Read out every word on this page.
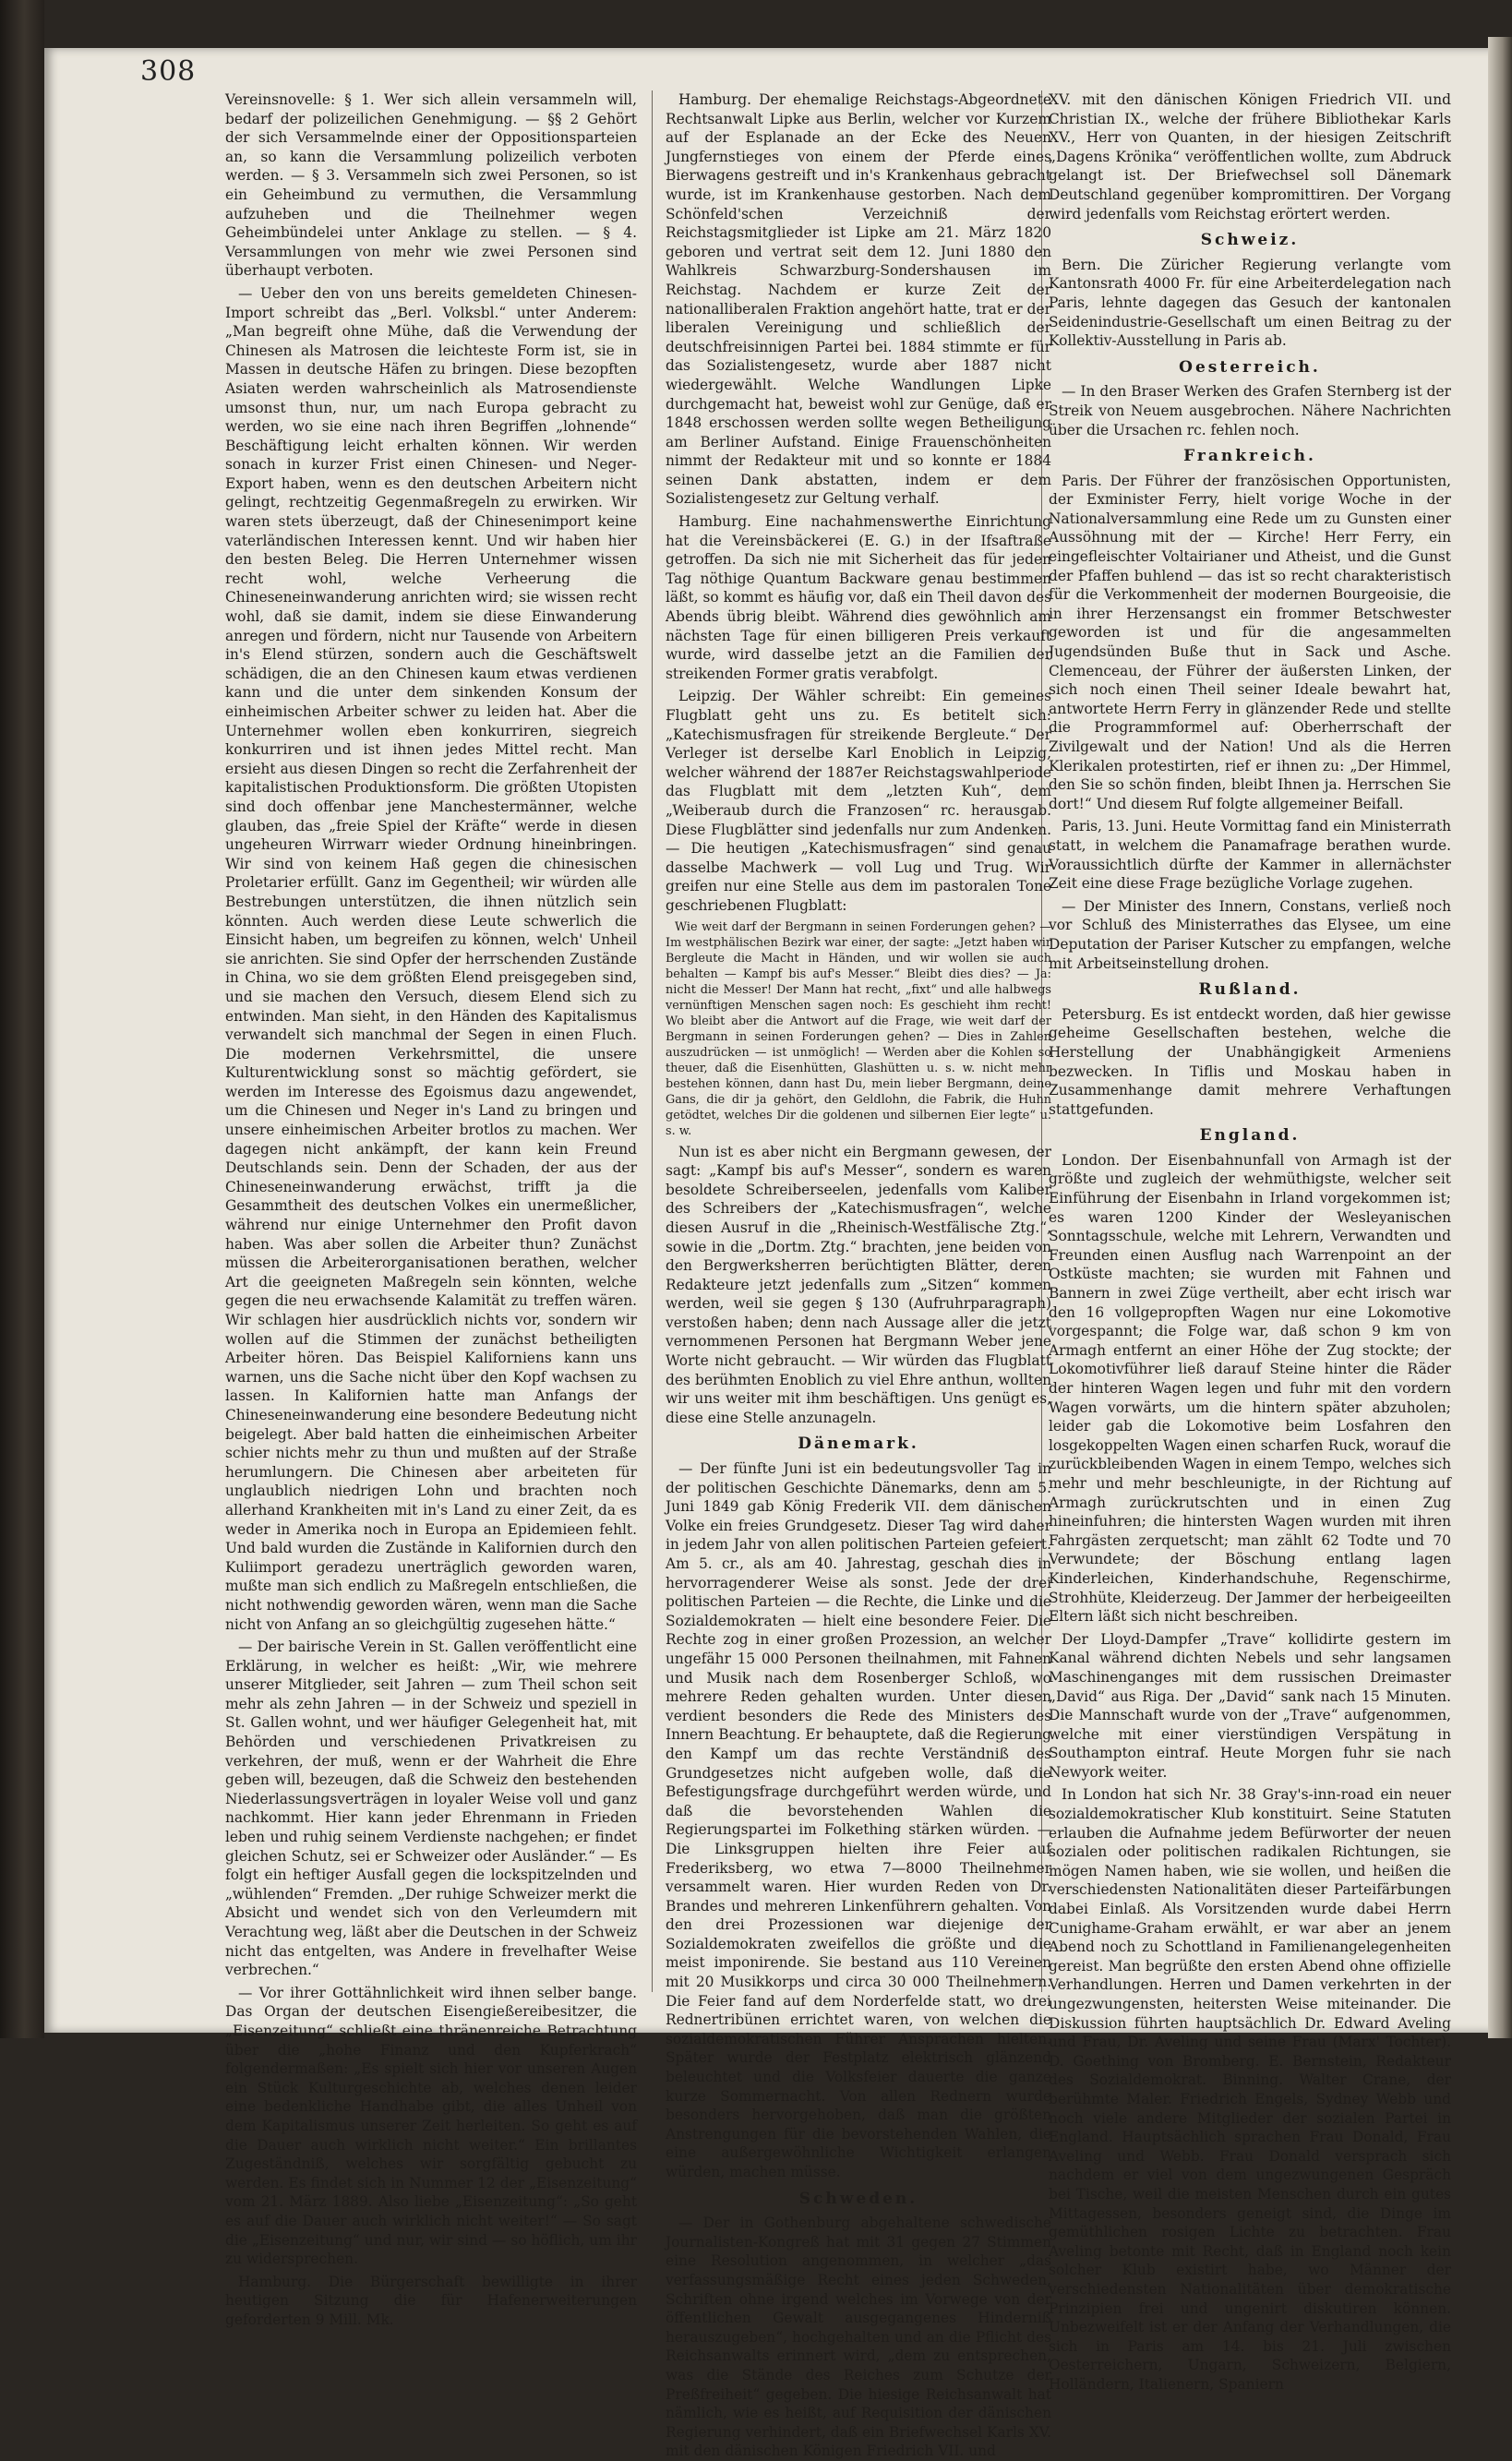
308

Vereinsnovelle: § 1. Wer sich allein versammeln will, bedarf der polizeilichen Genehmigung. — §§ 2 Gehört der sich Versammelnde einer der Oppositionsparteien an, so kann die Versammlung polizeilich verboten werden. — § 3. Versammeln sich zwei Personen, so ist ein Geheimbund zu vermuthen, die Versammlung aufzuheben und die Theilnehmer wegen Geheimbündelei unter Anklage zu stellen. — § 4. Versammlungen von mehr wie zwei Personen sind überhaupt verboten.

— Ueber den von uns bereits gemeldeten Chinesen-Import schreibt das „Berl. Volksbl.“ unter Anderem: „Man begreift ohne Mühe, daß die Verwendung der Chinesen als Matrosen die leichteste Form ist, sie in Massen in deutsche Häfen zu bringen. Diese bezopften Asiaten werden wahrscheinlich als Matrosendienste umsonst thun, nur, um nach Europa gebracht zu werden, wo sie eine nach ihren Begriffen „lohnende“ Beschäftigung leicht erhalten können. Wir werden sonach in kurzer Frist einen Chinesen- und Neger-Export haben, wenn es den deutschen Arbeitern nicht gelingt, rechtzeitig Gegenmaßregeln zu erwirken. Wir waren stets überzeugt, daß der Chinesenimport keine vaterländischen Interessen kennt. Und wir haben hier den besten Beleg. Die Herren Unternehmer wissen recht wohl, welche Verheerung die Chineseneinwanderung anrichten wird; sie wissen recht wohl, daß sie damit, indem sie diese Einwanderung anregen und fördern, nicht nur Tausende von Arbeitern in's Elend stürzen, sondern auch die Geschäftswelt schädigen, die an den Chinesen kaum etwas verdienen kann und die unter dem sinkenden Konsum der einheimischen Arbeiter schwer zu leiden hat. Aber die Unternehmer wollen eben konkurriren, siegreich konkurriren und ist ihnen jedes Mittel recht. Man ersieht aus diesen Dingen so recht die Zerfahrenheit der kapitalistischen Produktionsform. Die größten Utopisten sind doch offenbar jene Manchestermänner, welche glauben, das „freie Spiel der Kräfte“ werde in diesen ungeheuren Wirrwarr wieder Ordnung hineinbringen. Wir sind von keinem Haß gegen die chinesischen Proletarier erfüllt. Ganz im Gegentheil; wir würden alle Bestrebungen unterstützen, die ihnen nützlich sein könnten. Auch werden diese Leute schwerlich die Einsicht haben, um begreifen zu können, welch' Unheil sie anrichten. Sie sind Opfer der herrschenden Zustände in China, wo sie dem größten Elend preisgegeben sind, und sie machen den Versuch, diesem Elend sich zu entwinden. Man sieht, in den Händen des Kapitalismus verwandelt sich manchmal der Segen in einen Fluch. Die modernen Verkehrsmittel, die unsere Kulturentwicklung sonst so mächtig gefördert, sie werden im Interesse des Egoismus dazu angewendet, um die Chinesen und Neger in's Land zu bringen und unsere einheimischen Arbeiter brotlos zu machen. Wer dagegen nicht ankämpft, der kann kein Freund Deutschlands sein. Denn der Schaden, der aus der Chineseneinwanderung erwächst, trifft ja die Gesammtheit des deutschen Volkes ein unermeßlicher, während nur einige Unternehmer den Profit davon haben. Was aber sollen die Arbeiter thun? Zunächst müssen die Arbeiterorganisationen berathen, welcher Art die geeigneten Maßregeln sein könnten, welche gegen die neu erwachsende Kalamität zu treffen wären. Wir schlagen hier ausdrücklich nichts vor, sondern wir wollen auf die Stimmen der zunächst betheiligten Arbeiter hören. Das Beispiel Kaliforniens kann uns warnen, uns die Sache nicht über den Kopf wachsen zu lassen. In Kalifornien hatte man Anfangs der Chineseneinwanderung eine besondere Bedeutung nicht beigelegt. Aber bald hatten die einheimischen Arbeiter schier nichts mehr zu thun und mußten auf der Straße herumlungern. Die Chinesen aber arbeiteten für unglaublich niedrigen Lohn und brachten noch allerhand Krankheiten mit in's Land zu einer Zeit, da es weder in Amerika noch in Europa an Epidemieen fehlt. Und bald wurden die Zustände in Kalifornien durch den Kuliimport geradezu unerträglich geworden waren, mußte man sich endlich zu Maßregeln entschließen, die nicht nothwendig geworden wären, wenn man die Sache nicht von Anfang an so gleichgültig zugesehen hätte.“

— Der bairische Verein in St. Gallen veröffentlicht eine Erklärung, in welcher es heißt: „Wir, wie mehrere unserer Mitglieder, seit Jahren — zum Theil schon seit mehr als zehn Jahren — in der Schweiz und speziell in St. Gallen wohnt, und wer häufiger Gelegenheit hat, mit Behörden und verschiedenen Privatkreisen zu verkehren, der muß, wenn er der Wahrheit die Ehre geben will, bezeugen, daß die Schweiz den bestehenden Niederlassungsverträgen in loyaler Weise voll und ganz nachkommt. Hier kann jeder Ehrenmann in Frieden leben und ruhig seinem Verdienste nachgehen; er findet gleichen Schutz, sei er Schweizer oder Ausländer.“ — Es folgt ein heftiger Ausfall gegen die lockspitzelnden und „wühlenden“ Fremden. „Der ruhige Schweizer merkt die Absicht und wendet sich von den Verleumdern mit Verachtung weg, läßt aber die Deutschen in der Schweiz nicht das entgelten, was Andere in frevelhafter Weise verbrechen.“

— Vor ihrer Gottähnlichkeit wird ihnen selber bange. Das Organ der deutschen Eisengießereibesitzer, die „Eisenzeitung“ schließt eine thränenreiche Betrachtung über die „hohe Finanz und den Kupferkrach“ folgendermaßen: „Es spielt sich hier vor unseren Augen ein Stück Kulturgeschichte ab, welches denen leider eine bedenkliche Handhabe gibt, die alles Unheil von dem Kapitalismus unserer Zeit herleiten. So geht es auf die Dauer auch wirklich nicht weiter.“ Ein brillantes Zugeständniß, welches wir sorgfältig gebucht zu werden. Es findet sich in Nummer 12 der „Eisenzeitung“ vom 21. März 1889. Also liebe „Eisenzeitung“: „So geht es auf die Dauer auch wirklich nicht weiter!“ — So sagt die „Eisenzeitung“ und nur, wir sind — so höflich, um ihr zu widersprechen.

Hamburg. Die Bürgerschaft bewilligte in ihrer heutigen Sitzung die für Hafenerweiterungen geforderten 9 Mill. Mk.

Hamburg. Der ehemalige Reichstags-Abgeordnete Rechtsanwalt Lipke aus Berlin, welcher vor Kurzem auf der Esplanade an der Ecke des Neuen Jungfernstieges von einem der Pferde eines Bierwagens gestreift und in's Krankenhaus gebracht wurde, ist im Krankenhause gestorben. Nach dem Schönfeld'schen Verzeichniß der Reichstagsmitglieder ist Lipke am 21. März 1820 geboren und vertrat seit dem 12. Juni 1880 den Wahlkreis Schwarzburg-Sondershausen im Reichstag. Nachdem er kurze Zeit der nationalliberalen Fraktion angehört hatte, trat er der liberalen Vereinigung und schließlich der deutschfreisinnigen Partei bei. 1884 stimmte er für das Sozialistengesetz, wurde aber 1887 nicht wiedergewählt. Welche Wandlungen Lipke durchgemacht hat, beweist wohl zur Genüge, daß er 1848 erschossen werden sollte wegen Betheiligung am Berliner Aufstand. Einige Frauenschönheiten nimmt der Redakteur mit und so konnte er 1884 seinen Dank abstatten, indem er dem Sozialistengesetz zur Geltung verhalf.

Hamburg. Eine nachahmenswerthe Einrichtung hat die Vereinsbäckerei (E. G.) in der Ifsaftraße getroffen. Da sich nie mit Sicherheit das für jeden Tag nöthige Quantum Backware genau bestimmen läßt, so kommt es häufig vor, daß ein Theil davon des Abends übrig bleibt. Während dies gewöhnlich am nächsten Tage für einen billigeren Preis verkauft wurde, wird dasselbe jetzt an die Familien der streikenden Former gratis verabfolgt.

Leipzig. Der Wähler schreibt: Ein gemeines Flugblatt geht uns zu. Es betitelt sich: „Katechismusfragen für streikende Bergleute.“ Der Verleger ist derselbe Karl Enoblich in Leipzig, welcher während der 1887er Reichstagswahlperiode das Flugblatt mit dem „letzten Kuh“, dem „Weiberaub durch die Franzosen“ rc. herausgab. Diese Flugblätter sind jedenfalls nur zum Andenken. — Die heutigen „Katechismusfragen“ sind genau dasselbe Machwerk — voll Lug und Trug. Wir greifen nur eine Stelle aus dem im pastoralen Tone geschriebenen Flugblatt:

Wie weit darf der Bergmann in seinen Forderungen gehen? — Im westphälischen Bezirk war einer, der sagte: „Jetzt haben wir Bergleute die Macht in Händen, und wir wollen sie auch behalten — Kampf bis auf's Messer.“ Bleibt dies dies? — Ja: nicht die Messer! Der Mann hat recht, „fixt“ und alle halbwegs vernünftigen Menschen sagen noch: Es geschieht ihm recht! Wo bleibt aber die Antwort auf die Frage, wie weit darf der Bergmann in seinen Forderungen gehen? — Dies in Zahlen auszudrücken — ist unmöglich! — Werden aber die Kohlen so theuer, daß die Eisenhütten, Glashütten u. s. w. nicht mehr bestehen können, dann hast Du, mein lieber Bergmann, deine Gans, die dir ja gehört, den Geldlohn, die Fabrik, die Huhn getödtet, welches Dir die goldenen und silbernen Eier legte“ u. s. w.

Nun ist es aber nicht ein Bergmann gewesen, der sagt: „Kampf bis auf's Messer“, sondern es waren besoldete Schreiberseelen, jedenfalls vom Kaliber des Schreibers der „Katechismusfragen“, welche diesen Ausruf in die „Rheinisch-Westfälische Ztg.“, sowie in die „Dortm. Ztg.“ brachten, jene beiden von den Bergwerksherren berüchtigten Blätter, deren Redakteure jetzt jedenfalls zum „Sitzen“ kommen werden, weil sie gegen § 130 (Aufruhrparagraph) verstoßen haben; denn nach Aussage aller die jetzt vernommenen Personen hat Bergmann Weber jene Worte nicht gebraucht. — Wir würden das Flugblatt des berühmten Enoblich zu viel Ehre anthun, wollten wir uns weiter mit ihm beschäftigen. Uns genügt es, diese eine Stelle anzunageln.

Dänemark.

— Der fünfte Juni ist ein bedeutungsvoller Tag in der politischen Geschichte Dänemarks, denn am 5. Juni 1849 gab König Frederik VII. dem dänischen Volke ein freies Grundgesetz. Dieser Tag wird daher in jedem Jahr von allen politischen Parteien gefeiert. Am 5. cr., als am 40. Jahrestag, geschah dies in hervorragenderer Weise als sonst. Jede der drei politischen Parteien — die Rechte, die Linke und die Sozialdemokraten — hielt eine besondere Feier. Die Rechte zog in einer großen Prozession, an welcher ungefähr 15 000 Personen theilnahmen, mit Fahnen und Musik nach dem Rosenberger Schloß, wo mehrere Reden gehalten wurden. Unter diesen verdient besonders die Rede des Ministers des Innern Beachtung. Er behauptete, daß die Regierung den Kampf um das rechte Verständniß des Grundgesetzes nicht aufgeben wolle, daß die Befestigungsfrage durchgeführt werden würde, und daß die bevorstehenden Wahlen die Regierungspartei im Folkething stärken würden. — Die Linksgruppen hielten ihre Feier auf Frederiksberg, wo etwa 7—8000 Theilnehmer versammelt waren. Hier wurden Reden von Dr. Brandes und mehreren Linkenführern gehalten. Von den drei Prozessionen war diejenige der Sozialdemokraten zweifellos die größte und die meist imponirende. Sie bestand aus 110 Vereinen mit 20 Musikkorps und circa 30 000 Theilnehmern. Die Feier fand auf dem Norderfelde statt, wo drei Rednertribünen errichtet waren, von welchen die sozialdemokratischen Führer Ansprachen hielten. Später wurde der Festplatz elektrisch glänzend beleuchtet und die Volksfeier dauerte die ganze kurze Sommernacht. Von allen Rednern wurde besonders hervorgehoben, daß man die größten Anstrengungen für die bevorstehenden Wahlen, die eine außergewöhnliche Wichtigkeit erlangen würden, machen müsse.

Schweden.

— Der in Gothenburg abgehaltene schwedische Journalisten-Kongreß hat mit 31 gegen 27 Stimmen eine Resolution angenommen, in welcher „das verfassungsmäßige Recht eines jeden Schweden, Schriften ohne irgend welches im Vorwege von der öffentlichen Gewalt ausgegangenes Hinderniß herauszugeben“, hochgehalten und an die Pflicht des Reichsanwalts erinnert wird, „dem zu entsprechen, was die Stände des Reiches zum Schutze der Preßfreiheit“ gegeben. Die hiesige Reichsanwalt hat nämlich, wie es heißt, auf Requisition der dänischen Regierung verhindert, daß ein Briefwechsel Karls XV. mit den dänischen Königen Friedrich VII. und

XV. mit den dänischen Königen Friedrich VII. und Christian IX., welche der frühere Bibliothekar Karls XV., Herr von Quanten, in der hiesigen Zeitschrift „Dagens Krönika“ veröffentlichen wollte, zum Abdruck gelangt ist. Der Briefwechsel soll Dänemark Deutschland gegenüber kompromittiren. Der Vorgang wird jedenfalls vom Reichstag erörtert werden.

Schweiz.

Bern. Die Züricher Regierung verlangte vom Kantonsrath 4000 Fr. für eine Arbeiterdelegation nach Paris, lehnte dagegen das Gesuch der kantonalen Seidenindustrie-Gesellschaft um einen Beitrag zu der Kollektiv-Ausstellung in Paris ab.

Oesterreich.

— In den Braser Werken des Grafen Sternberg ist der Streik von Neuem ausgebrochen. Nähere Nachrichten über die Ursachen rc. fehlen noch.

Frankreich.

Paris. Der Führer der französischen Opportunisten, der Exminister Ferry, hielt vorige Woche in der Nationalversammlung eine Rede um zu Gunsten einer Aussöhnung mit der — Kirche! Herr Ferry, ein eingefleischter Voltairianer und Atheist, und die Gunst der Pfaffen buhlend — das ist so recht charakteristisch für die Verkommenheit der modernen Bourgeoisie, die in ihrer Herzensangst ein frommer Betschwester geworden ist und für die angesammelten Jugendsünden Buße thut in Sack und Asche. Clemenceau, der Führer der äußersten Linken, der sich noch einen Theil seiner Ideale bewahrt hat, antwortete Herrn Ferry in glänzender Rede und stellte die Programmformel auf: Oberherrschaft der Zivilgewalt und der Nation! Und als die Herren Klerikalen protestirten, rief er ihnen zu: „Der Himmel, den Sie so schön finden, bleibt Ihnen ja. Herrschen Sie dort!“ Und diesem Ruf folgte allgemeiner Beifall.

Paris, 13. Juni. Heute Vormittag fand ein Ministerrath statt, in welchem die Panamafrage berathen wurde. Voraussichtlich dürfte der Kammer in allernächster Zeit eine diese Frage bezügliche Vorlage zugehen.

— Der Minister des Innern, Constans, verließ noch vor Schluß des Ministerrathes das Elysee, um eine Deputation der Pariser Kutscher zu empfangen, welche mit Arbeitseinstellung drohen.

Rußland.

Petersburg. Es ist entdeckt worden, daß hier gewisse geheime Gesellschaften bestehen, welche die Herstellung der Unabhängigkeit Armeniens bezwecken. In Tiflis und Moskau haben in Zusammenhange damit mehrere Verhaftungen stattgefunden.

England.

London. Der Eisenbahnunfall von Armagh ist der größte und zugleich der wehmüthigste, welcher seit Einführung der Eisenbahn in Irland vorgekommen ist; es waren 1200 Kinder der Wesleyanischen Sonntagsschule, welche mit Lehrern, Verwandten und Freunden einen Ausflug nach Warrenpoint an der Ostküste machten; sie wurden mit Fahnen und Bannern in zwei Züge vertheilt, aber echt irisch war den 16 vollgepropften Wagen nur eine Lokomotive vorgespannt; die Folge war, daß schon 9 km von Armagh entfernt an einer Höhe der Zug stockte; der Lokomotivführer ließ darauf Steine hinter die Räder der hinteren Wagen legen und fuhr mit den vordern Wagen vorwärts, um die hintern später abzuholen; leider gab die Lokomotive beim Losfahren den losgekoppelten Wagen einen scharfen Ruck, worauf die zurückbleibenden Wagen in einem Tempo, welches sich mehr und mehr beschleunigte, in der Richtung auf Armagh zurückrutschten und in einen Zug hineinfuhren; die hintersten Wagen wurden mit ihren Fahrgästen zerquetscht; man zählt 62 Todte und 70 Verwundete; der Böschung entlang lagen Kinderleichen, Kinderhandschuhe, Regenschirme, Strohhüte, Kleiderzeug. Der Jammer der herbeigeeilten Eltern läßt sich nicht beschreiben.

Der Lloyd-Dampfer „Trave“ kollidirte gestern im Kanal während dichten Nebels und sehr langsamen Maschinenganges mit dem russischen Dreimaster „David“ aus Riga. Der „David“ sank nach 15 Minuten. Die Mannschaft wurde von der „Trave“ aufgenommen, welche mit einer vierstündigen Verspätung in Southampton eintraf. Heute Morgen fuhr sie nach Newyork weiter.

In London hat sich Nr. 38 Gray's-inn-road ein neuer sozialdemokratischer Klub konstituirt. Seine Statuten erlauben die Aufnahme jedem Befürworter der neuen sozialen oder politischen radikalen Richtungen, sie mögen Namen haben, wie sie wollen, und heißen die verschiedensten Nationalitäten dieser Parteifärbungen dabei Einlaß. Als Vorsitzenden wurde dabei Herrn Cunighame-Graham erwählt, er war aber an jenem Abend noch zu Schottland in Familienangelegenheiten gereist. Man begrüßte den ersten Abend ohne offizielle Verhandlungen. Herren und Damen verkehrten in der ungezwungensten, heitersten Weise miteinander. Die Diskussion führten hauptsächlich Dr. Edward Aveling und Frau, Dr. Aveling und seine Frau (Marx' Tochter). D. Goething von Bromberg. E. Bernstein, Redakteur des Sozialdemokrat. Binning. Walter Crane, der berühmte Maler. Friedrich Engels, Sydney Webb und noch viele andere Mitglieder der sozialen Partei in England. Hauptsächlich sprachen Frau Donald, Frau Aveling und Webb. Frau Donald versprach sich nachdem er viel von dem ungezwungenen Gespräch bei Tische, weil die meisten Menschen durch ein gutes Mittagessen, besonders geneigt sind, die Dinge im gemüthlichen rosigen Lichte zu betrachten. Frau Aveling betonte mit Recht, daß in England noch kein solcher Klub existirt habe, wo Männer der verschiedensten Nationalitäten über demokratische Prinzipien frei und ungenirt diskutiren können. Unbezweifelt ist er der Anfang der Verhandlungen, die sich in Paris am 14. bis 21. Juli zwischen Oesterreichern, Ungarn, Schweizern, Belgiern, Holländern, Italienern, Spaniern
